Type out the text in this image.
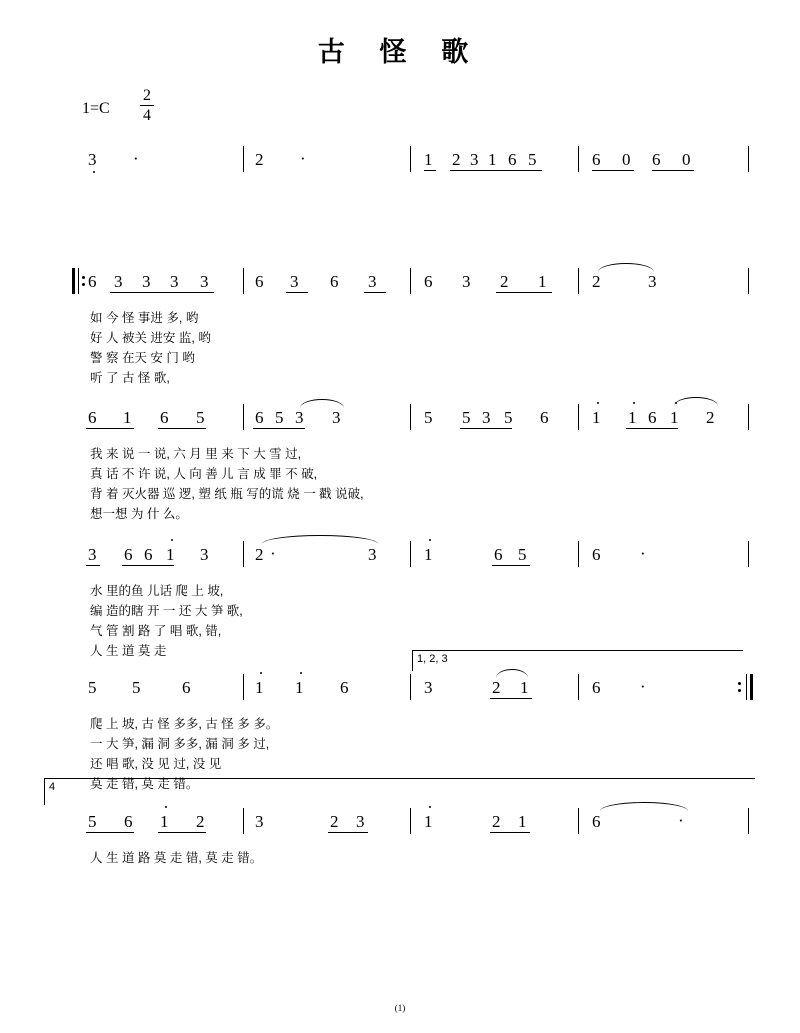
古 怪 歌
1=C
2
4
3 ·	2 ·	1 2 3 1 6 5	6 0 6 0
6 3 3 3 3	6 3 6 3	6 3 2 1	2	3
如 今 怪 事进 多, 哟
好 人 被关 进安 监, 哟
警 察 在天 安 门 哟
听 了 古 怪 歌,
6 1 6 5	6 5 3 3	5 5 3 5 6	1 1 6 1 2
我 来 说 一 说, 六 月 里 来 下 大 雪 过,
真 话 不 许 说, 人 向 善 儿 言 成 罪 不 破,
背 着 灭火器 巡 逻, 塑 纸 瓶 写的谎 烧 一 戳 说破,
想一想 为 什 么。
3 6 6 1 3	2 ·	3	1	6 5	6 ·
水 里的鱼 儿话 爬 上 坡,
编 造的瞎 开 一 还 大 笋 歌,
气 管 割 路 了 唱 歌, 错,
人 生 道 莫 走
1, 2, 3
5 5 6	1 1 6	3	2 1	6 ·
爬 上 坡, 古 怪 多多, 古 怪 多 多。
一 大 笋, 漏 洞 多多, 漏 洞 多 过,
还 唱 歌, 没 见 过, 没 见
莫 走 错, 莫 走 错。
4
5 6 1 2	3	2 3	1	2 1	6	·
人 生 道 路 莫 走 错, 莫 走 错。
(1)
